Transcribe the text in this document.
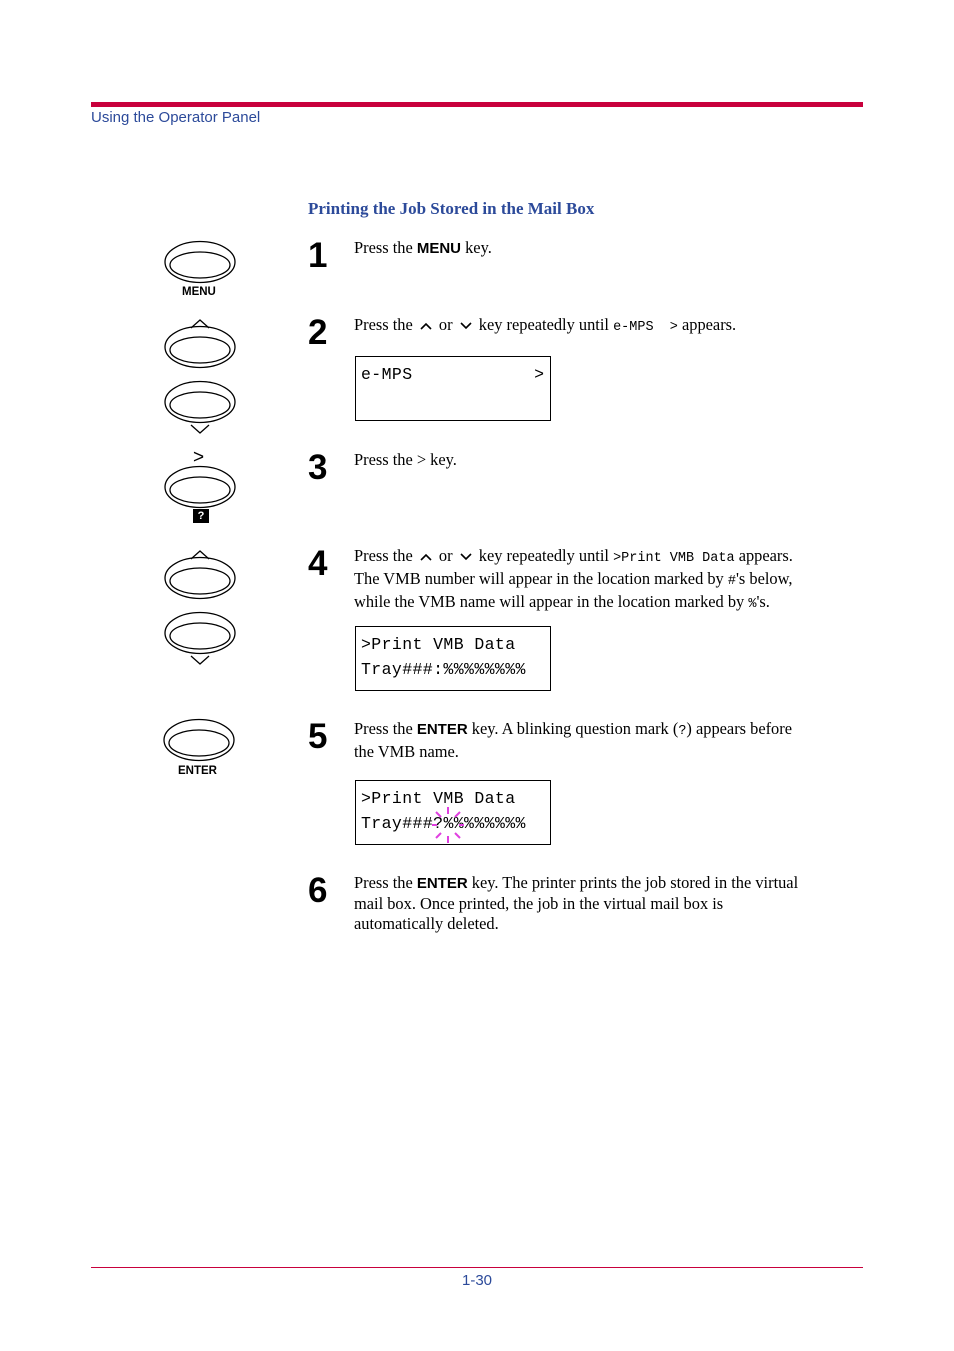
Using the Operator Panel
Printing the Job Stored in the Mail Box
MENU
>
?
ENTER
1 Press the MENU key.
2 Press the  or  key repeatedly until e-MPS  > appears.
e-MPS	>
3 Press the > key.
4 Press the  or  key repeatedly until >Print VMB Data appears.
The VMB number will appear in the location marked by #'s below,
while the VMB name will appear in the location marked by %'s.
>Print VMB Data
Tray###:%%%%%%%%
5 Press the ENTER key. A blinking question mark (?) appears before
the VMB name.
>Print VMB Data
Tray###?%%%%%%%%
6 Press the ENTER key. The printer prints the job stored in the virtual
mail box. Once printed, the job in the virtual mail box is
automatically deleted.
1-30
